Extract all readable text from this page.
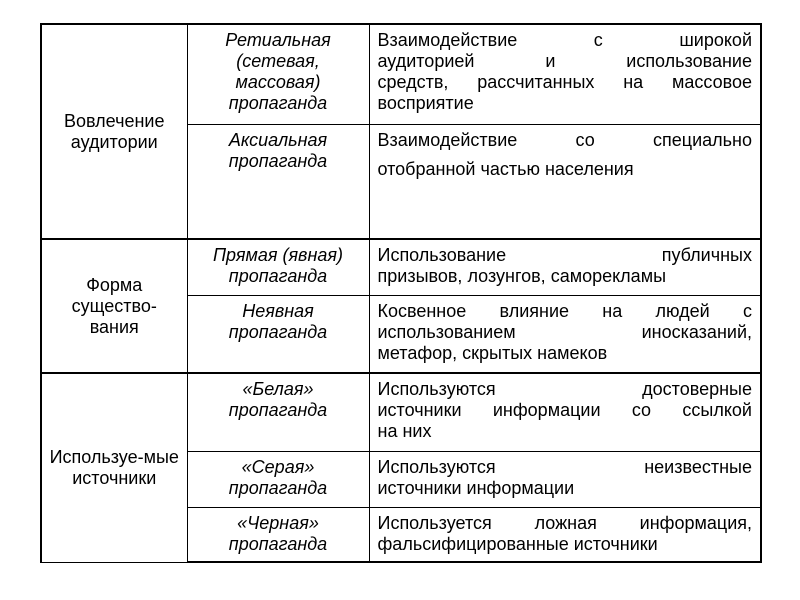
Вовлечение аудитории	Ретиальная (сетевая, массовая) пропаганда	Взаимодействие с широкой
аудиторией и использование
средств, рассчитанных на массовое
восприятие

	Аксиальная пропаганда	Взаимодействие со специально
отобранной частью населения

Форма существо-вания	Прямая (явная) пропаганда	Использование публичных
призывов, лозунгов, саморекламы

	Неявная пропаганда	Косвенное влияние на людей с
использованием иносказаний,
метафор, скрытых намеков

Используе-мые источники	«Белая» пропаганда	Используются достоверные
источники информации со ссылкой
на них

	«Серая» пропаганда	Используются неизвестные
источники информации

	«Черная» пропаганда	Используется ложная информация,
фальсифицированные источники
